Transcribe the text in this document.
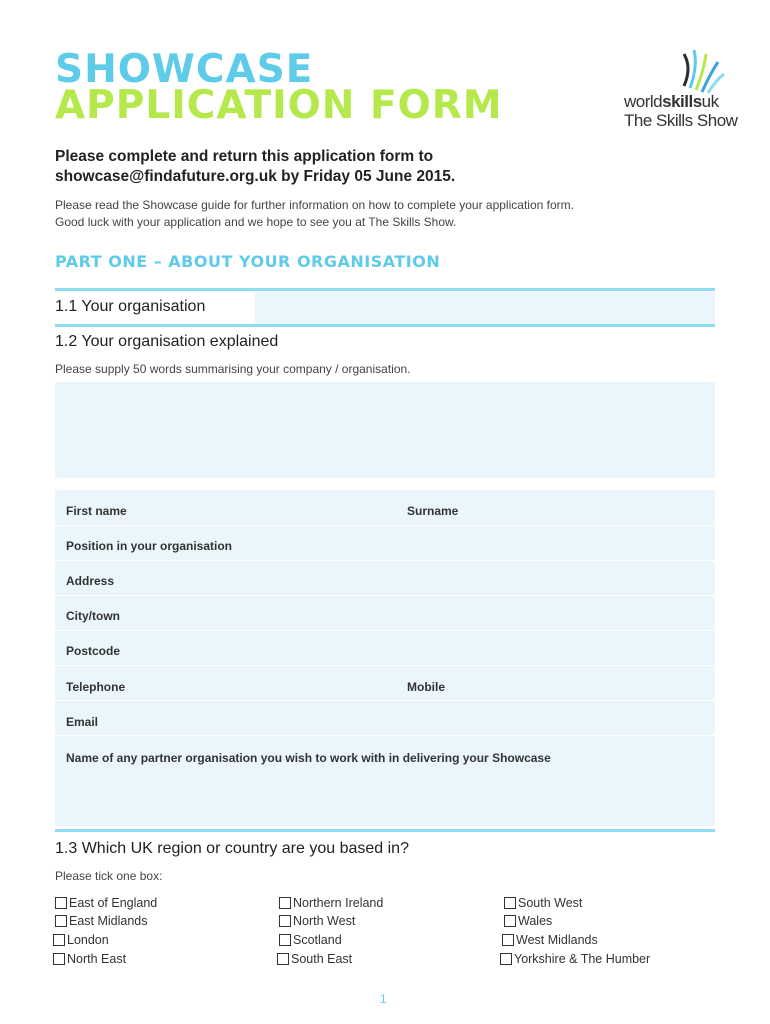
SHOWCASE
APPLICATION FORM	worldskillsuk
The Skills Show
Please complete and return this application form to showcase@findafuture.org.uk by Friday 05 June 2015.
Please read the Showcase guide for further information on how to complete your application form.
Good luck with your application and we hope to see you at The Skills Show.
PART ONE – ABOUT YOUR ORGANISATION
1.1 Your organisation
1.2 Your organisation explained
Please supply 50 words summarising your company / organisation.
First name	Surname
Position in your organisation
Address
City/town
Postcode
Telephone	Mobile
Email
Name of any partner organisation you wish to work with in delivering your Showcase
1.3 Which UK region or country are you based in?
Please tick one box:
East of England
East Midlands
London
North East
Northern Ireland
North West
Scotland
South East
South West
Wales
West Midlands
Yorkshire & The Humber
1
